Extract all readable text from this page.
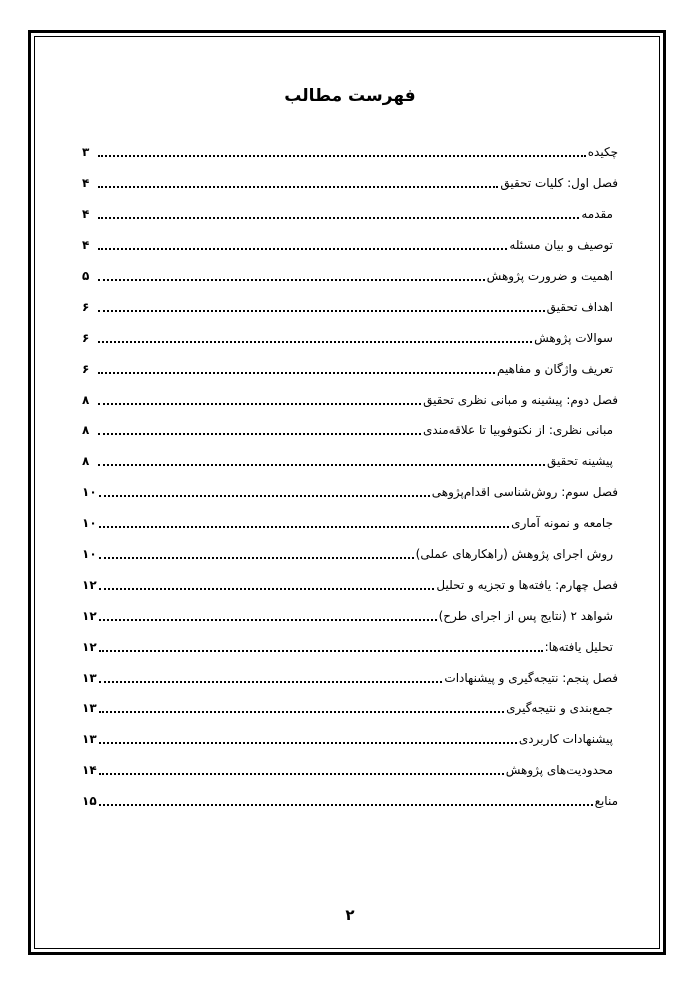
فهرست مطالب
چکیده
۳
فصل اول: کلیات تحقیق
۴
مقدمه
۴
توصیف و بیان مسئله
۴
اهمیت و ضرورت پژوهش
۵
اهداف تحقیق
۶
سوالات پژوهش
۶
تعریف واژگان و مفاهیم
۶
فصل دوم: پیشینه و مبانی نظری تحقیق
۸
مبانی نظری: از نکتوفوبیا تا علاقه‌مندی
۸
پیشینه تحقیق
۸
فصل سوم: روش‌شناسی اقدام‌پژوهی
۱۰
جامعه و نمونه آماری
۱۰
روش اجرای پژوهش (راهکارهای عملی)
۱۰
فصل چهارم: یافته‌ها و تجزیه و تحلیل
۱۲
شواهد ۲ (نتایج پس از اجرای طرح)
۱۲
تحلیل یافته‌ها:
۱۲
فصل پنجم: نتیجه‌گیری و پیشنهادات
۱۳
جمع‌بندی و نتیجه‌گیری
۱۳
پیشنهادات کاربردی
۱۳
محدودیت‌های پژوهش
۱۴
منابع
۱۵
۲
